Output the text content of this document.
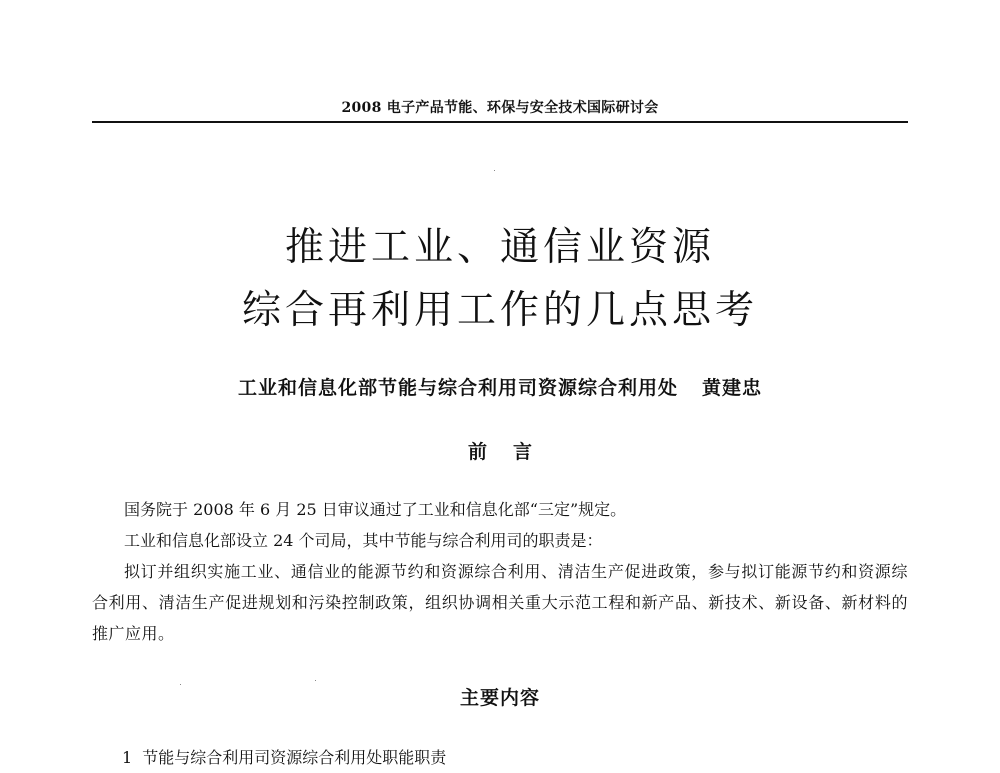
2008 电子产品节能、环保与安全技术国际研讨会
推进工业、通信业资源
综合再利用工作的几点思考
工业和信息化部节能与综合利用司资源综合利用处 黄建忠
前言
国务院于 2008 年 6 月 25 日审议通过了工业和信息化部“三定”规定。
工业和信息化部设立 24 个司局，其中节能与综合利用司的职责是：
拟订并组织实施工业、通信业的能源节约和资源综合利用、清洁生产促进政策，参与拟订能源节约和资源综合利用、清洁生产促进规划和污染控制政策，组织协调相关重大示范工程和新产品、新技术、新设备、新材料的推广应用。
主要内容
1 节能与综合利用司资源综合利用处职能职责
